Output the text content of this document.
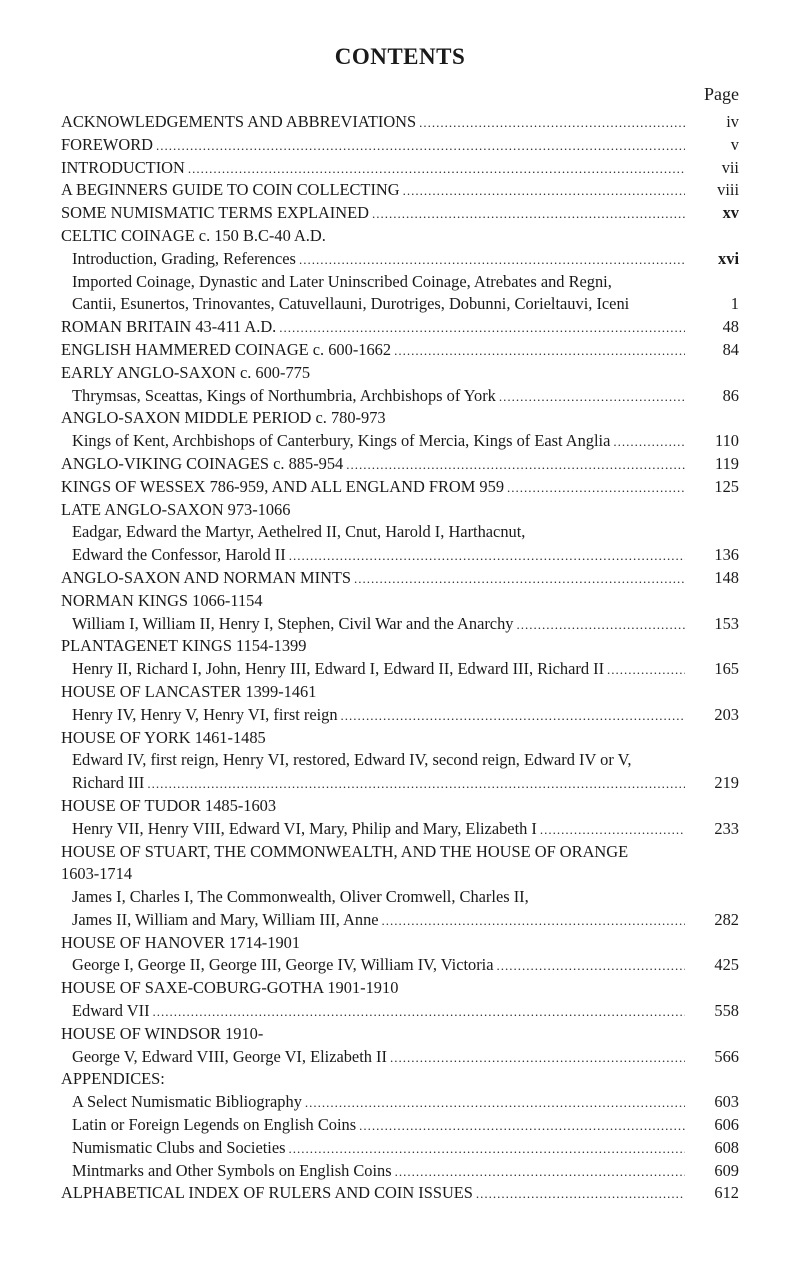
CONTENTS
Page
ACKNOWLEDGEMENTS AND ABBREVIATIONS .....	iv
FOREWORD .....	v
INTRODUCTION .....	vii
A BEGINNERS GUIDE TO COIN COLLECTING .....	viii
SOME NUMISMATIC TERMS EXPLAINED .....	xv
CELTIC COINAGE c. 150 B.C-40 A.D.
Introduction, Grading, References .....	xvi
Imported Coinage, Dynastic and Later Uninscribed Coinage, Atrebates and Regni,
Cantii, Esunertos, Trinovantes, Catuvellauni, Durotriges, Dobunni, Corieltauvi, Iceni	1
ROMAN BRITAIN 43-411 A.D. .....	48
ENGLISH HAMMERED COINAGE c. 600-1662 .....	84
EARLY ANGLO-SAXON c. 600-775
Thrymsas, Sceattas, Kings of Northumbria, Archbishops of York .....	86
ANGLO-SAXON MIDDLE PERIOD c. 780-973
Kings of Kent, Archbishops of Canterbury, Kings of Mercia, Kings of East Anglia .....	110
ANGLO-VIKING COINAGES c. 885-954 .....	119
KINGS OF WESSEX 786-959, AND ALL ENGLAND FROM 959 .....	125
LATE ANGLO-SAXON 973-1066
Eadgar, Edward the Martyr, Aethelred II, Cnut, Harold I, Harthacnut,
Edward the Confessor, Harold II .....	136
ANGLO-SAXON AND NORMAN MINTS .....	148
NORMAN KINGS 1066-1154
William I, William II, Henry I, Stephen, Civil War and the Anarchy .....	153
PLANTAGENET KINGS 1154-1399
Henry II, Richard I, John, Henry III, Edward I, Edward II, Edward III, Richard II .....	165
HOUSE OF LANCASTER 1399-1461
Henry IV, Henry V, Henry VI, first reign .....	203
HOUSE OF YORK 1461-1485
Edward IV, first reign, Henry VI, restored, Edward IV, second reign, Edward IV or V,
Richard III .....	219
HOUSE OF TUDOR 1485-1603
Henry VII, Henry VIII, Edward VI, Mary, Philip and Mary, Elizabeth I .....	233
HOUSE OF STUART, THE COMMONWEALTH, AND THE HOUSE OF ORANGE
1603-1714
James I, Charles I, The Commonwealth, Oliver Cromwell, Charles II,
James II, William and Mary, William III, Anne .....	282
HOUSE OF HANOVER 1714-1901
George I, George II, George III, George IV, William IV, Victoria .....	425
HOUSE OF SAXE-COBURG-GOTHA 1901-1910
Edward VII .....	558
HOUSE OF WINDSOR 1910-
George V, Edward VIII, George VI, Elizabeth II .....	566
APPENDICES:
A Select Numismatic Bibliography .....	603
Latin or Foreign Legends on English Coins .....	606
Numismatic Clubs and Societies .....	608
Mintmarks and Other Symbols on English Coins .....	609
ALPHABETICAL INDEX OF RULERS AND COIN ISSUES .....	612
